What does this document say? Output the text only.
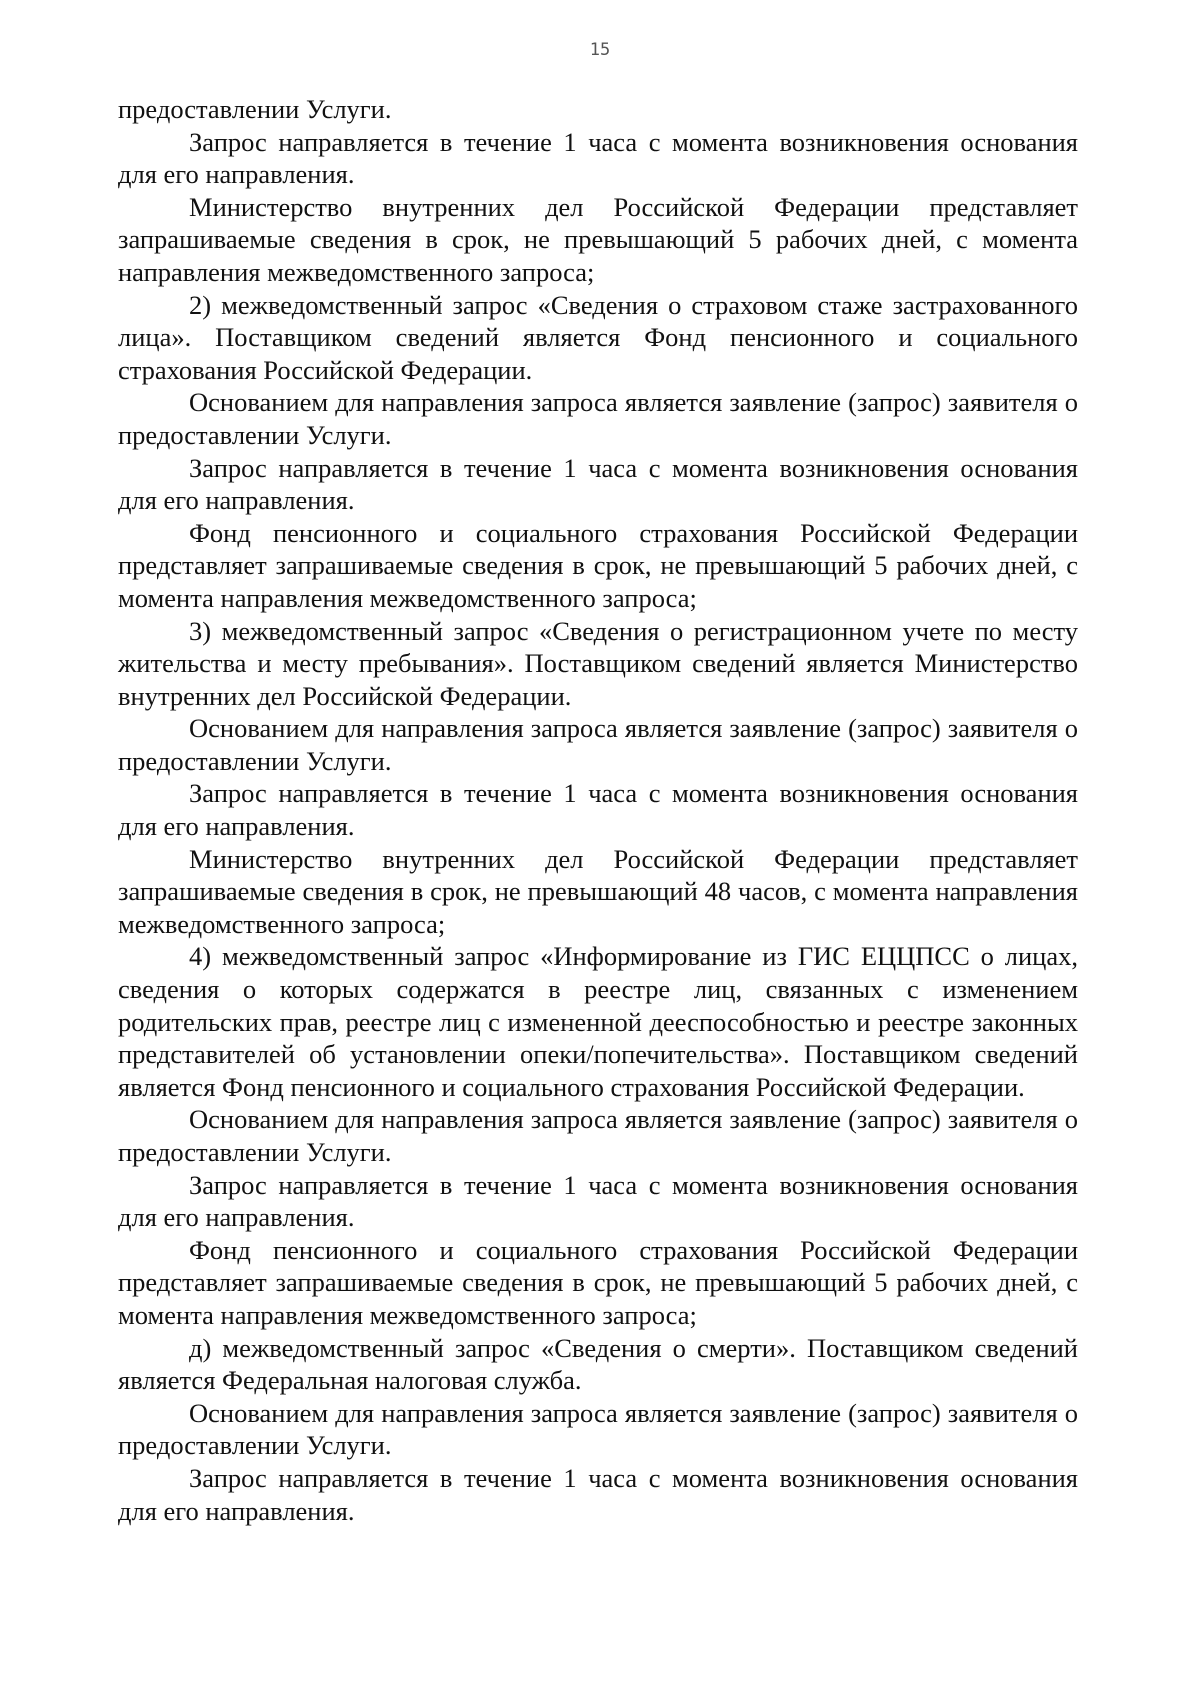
15

предоставлении Услуги.

Запрос направляется в течение 1 часа с момента возникновения основания для его направления.

Министерство внутренних дел Российской Федерации представляет запрашиваемые сведения в срок, не превышающий 5 рабочих дней, с момента направления межведомственного запроса;

2) межведомственный запрос «Сведения о страховом стаже застрахованного лица». Поставщиком сведений является Фонд пенсионного и социального страхования Российской Федерации.

Основанием для направления запроса является заявление (запрос) заявителя о предоставлении Услуги.

Запрос направляется в течение 1 часа с момента возникновения основания для его направления.

Фонд пенсионного и социального страхования Российской Федерации представляет запрашиваемые сведения в срок, не превышающий 5 рабочих дней, с момента направления межведомственного запроса;

3) межведомственный запрос «Сведения о регистрационном учете по месту жительства и месту пребывания». Поставщиком сведений является Министерство внутренних дел Российской Федерации.

Основанием для направления запроса является заявление (запрос) заявителя о предоставлении Услуги.

Запрос направляется в течение 1 часа с момента возникновения основания для его направления.

Министерство внутренних дел Российской Федерации представляет запрашиваемые сведения в срок, не превышающий 48 часов, с момента направления межведомственного запроса;

4) межведомственный запрос «Информирование из ГИС ЕЦЦПСС о лицах, сведения о которых содержатся в реестре лиц, связанных с изменением родительских прав, реестре лиц с измененной дееспособностью и реестре законных представителей об установлении опеки/попечительства». Поставщиком сведений является Фонд пенсионного и социального страхования Российской Федерации.

Основанием для направления запроса является заявление (запрос) заявителя о предоставлении Услуги.

Запрос направляется в течение 1 часа с момента возникновения основания для его направления.

Фонд пенсионного и социального страхования Российской Федерации представляет запрашиваемые сведения в срок, не превышающий 5 рабочих дней, с момента направления межведомственного запроса;

д) межведомственный запрос «Сведения о смерти». Поставщиком сведений является Федеральная налоговая служба.

Основанием для направления запроса является заявление (запрос) заявителя о предоставлении Услуги.

Запрос направляется в течение 1 часа с момента возникновения основания для его направления.
